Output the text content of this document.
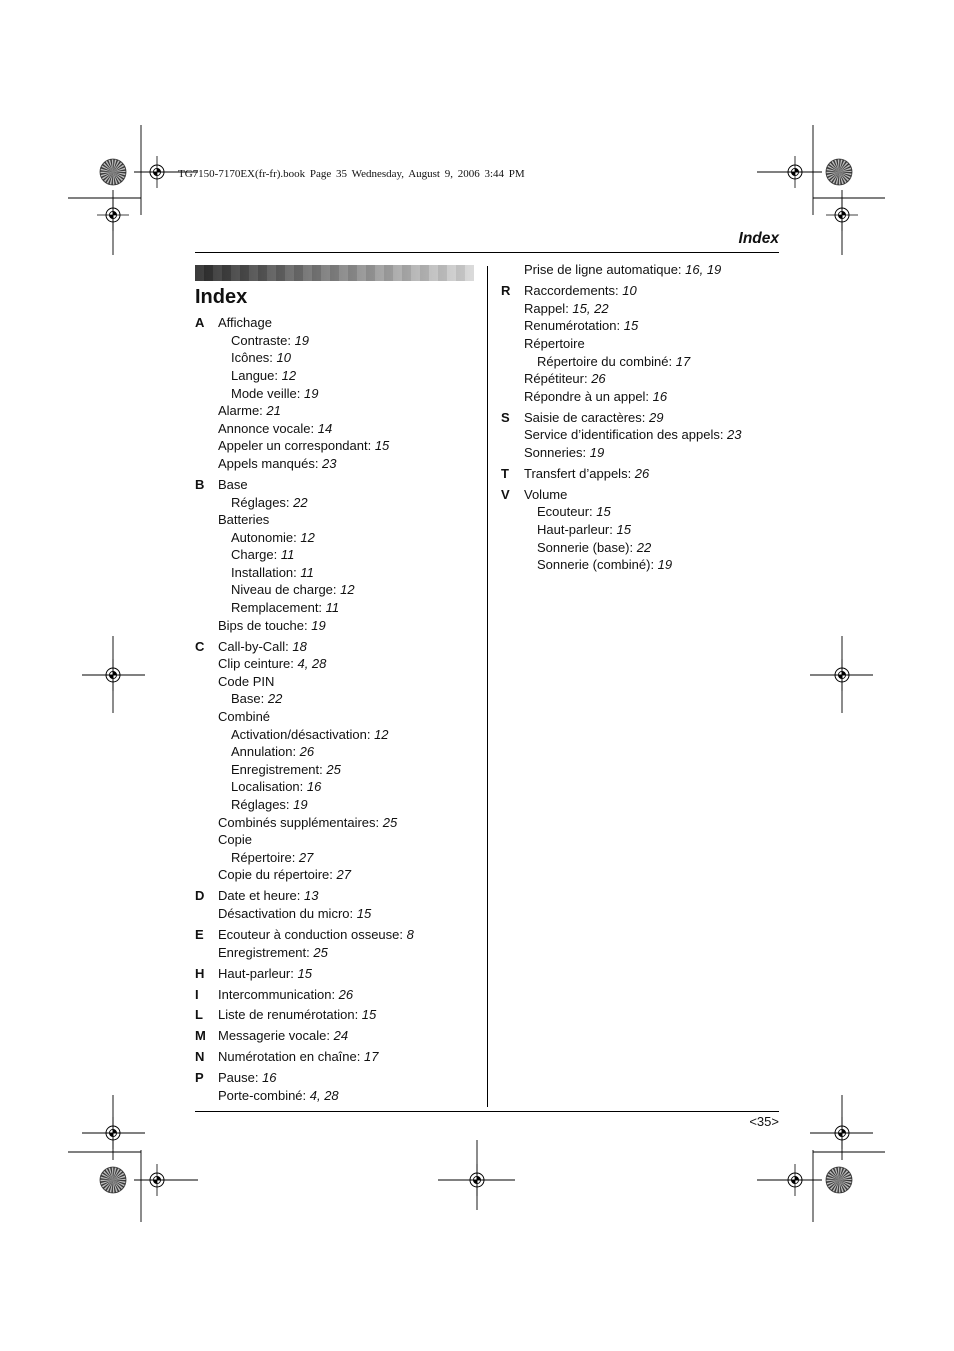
TG7150-7170EX(fr-fr).book Page 35 Wednesday, August 9, 2006 3:44 PM
Index
Index
A Affichage
Contraste: 19
Icônes: 10
Langue: 12
Mode veille: 19
Alarme: 21
Annonce vocale: 14
Appeler un correspondant: 15
Appels manqués: 23
B Base
Réglages: 22
Batteries
Autonomie: 12
Charge: 11
Installation: 11
Niveau de charge: 12
Remplacement: 11
Bips de touche: 19
C Call-by-Call: 18
Clip ceinture: 4, 28
Code PIN
Base: 22
Combiné
Activation/désactivation: 12
Annulation: 26
Enregistrement: 25
Localisation: 16
Réglages: 19
Combinés supplémentaires: 25
Copie
Répertoire: 27
Copie du répertoire: 27
D Date et heure: 13
Désactivation du micro: 15
E Ecouteur à conduction osseuse: 8
Enregistrement: 25
H Haut-parleur: 15
I Intercommunication: 26
L Liste de renumérotation: 15
M Messagerie vocale: 24
N Numérotation en chaîne: 17
P Pause: 16
Porte-combiné: 4, 28
Prise de ligne automatique: 16, 19
R Raccordements: 10
Rappel: 15, 22
Renumérotation: 15
Répertoire
Répertoire du combiné: 17
Répétiteur: 26
Répondre à un appel: 16
S Saisie de caractères: 29
Service d’identification des appels: 23
Sonneries: 19
T Transfert d’appels: 26
V Volume
Ecouteur: 15
Haut-parleur: 15
Sonnerie (base): 22
Sonnerie (combiné): 19
<35>
